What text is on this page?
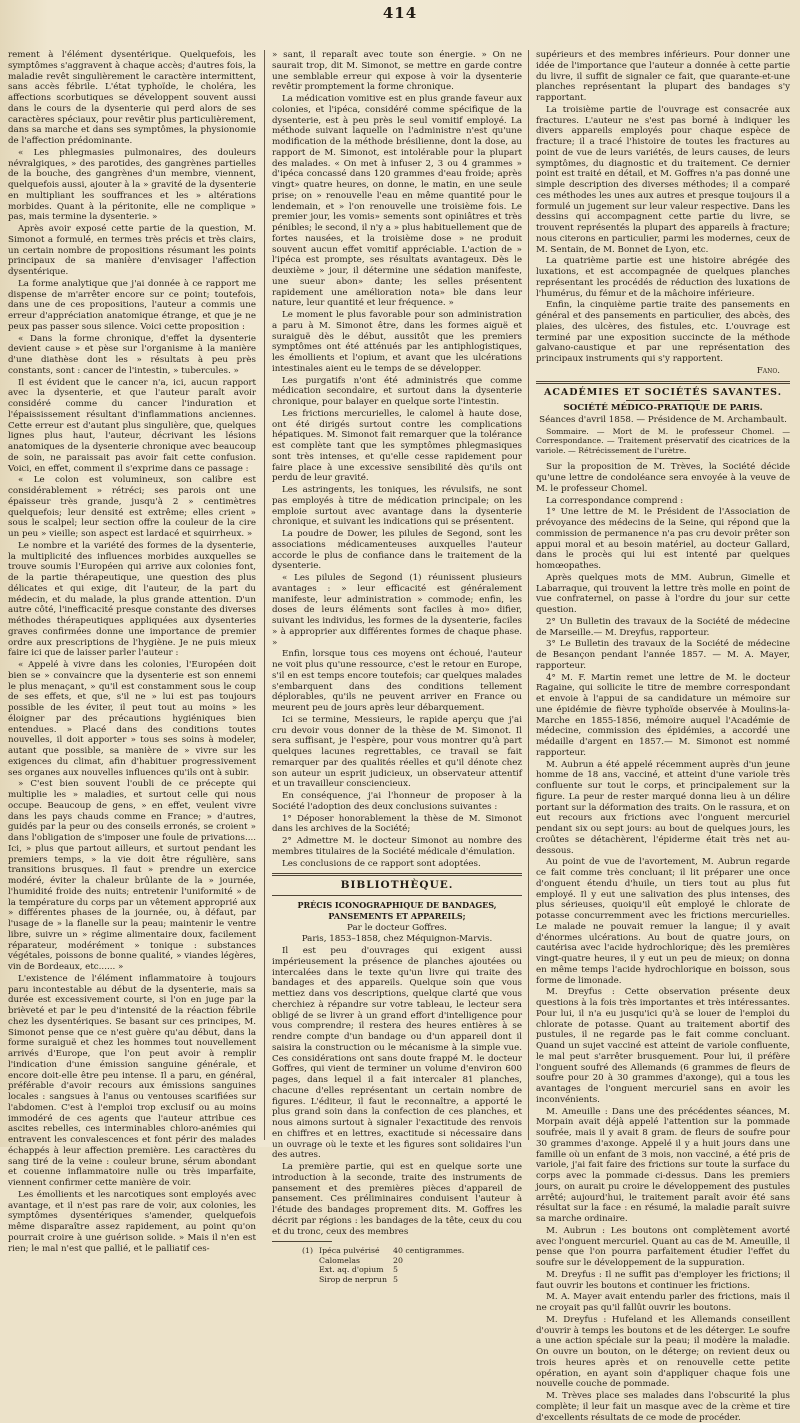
414

rement à l'élément dysentérique. Quelquefois, les symptômes s'aggravent à chaque accès; d'autres fois, la maladie revêt singulièrement le caractère intermittent, sans accès fébrile. L'état typhoïde, le choléra, les affections scorbutiques se développent souvent aussi dans le cours de la dysenterie qui perd alors de ses caractères spéciaux, pour revêtir plus particulièrement, dans sa marche et dans ses symptômes, la physionomie de l'affection prédominante.

« Les phlegmasies pulmonaires, des douleurs névralgiques, » des parotides, des gangrènes partielles de la bouche, des gangrènes d'un membre, viennent, quelquefois aussi, ajouter à la » gravité de la dysenterie en multipliant les souffrances et les » altérations morbides. Quant à la péritonite, elle ne complique » pas, mais termine la dysenterie. »

Après avoir exposé cette partie de la question, M. Simonot a formulé, en termes très précis et très clairs, un certain nombre de propositions résumant les points principaux de sa manière d'envisager l'affection dysentérique.

La forme analytique que j'ai donnée à ce rapport me dispense de m'arrêter encore sur ce point; toutefois, dans une de ces propositions, l'auteur a commis une erreur d'appréciation anatomique étrange, et que je ne peux pas passer sous silence. Voici cette proposition :

« Dans la forme chronique, d'effet la dysenterie devient cause » et pèse sur l'organisme à la manière d'une diathèse dont les » résultats à peu près constants, sont : cancer de l'intestin, » tubercules. »

Il est évident que le cancer n'a, ici, aucun rapport avec la dysenterie, et que l'auteur paraît avoir considéré comme du cancer l'induration et l'épaississement résultant d'inflammations anciennes. Cette erreur est d'autant plus singulière, que, quelques lignes plus haut, l'auteur, décrivant les lésions anatomiques de la dysenterie chronique avec beaucoup de soin, ne paraissait pas avoir fait cette confusion. Voici, en effet, comment il s'exprime dans ce passage :

« Le colon est volumineux, son calibre est considérablement » rétréci; ses parois ont une épaisseur très grande, jusqu'à 2 » centimètres quelquefois; leur densité est extrême; elles crient » sous le scalpel; leur section offre la couleur de la cire un peu » vieille; son aspect est lardacé et squirrheux. »

Le nombre et la variété des formes de la dysenterie, la multiplicité des influences morbides auxquelles se trouve soumis l'Européen qui arrive aux colonies font, de la partie thérapeutique, une question des plus délicates et qui exige, dit l'auteur, de la part du médecin, et du malade, la plus grande attention. D'un autre côté, l'inefficacité presque constante des diverses méthodes thérapeutiques appliquées aux dysenteries graves confirmées donne une importance de premier ordre aux prescriptions de l'hygiène. Je ne puis mieux faire ici que de laisser parler l'auteur :

« Appelé à vivre dans les colonies, l'Européen doit bien se » convaincre que la dysenterie est son ennemi le plus menaçant, » qu'il est constamment sous le coup de ses effets, et que, s'il ne » lui est pas toujours possible de les éviter, il peut tout au moins » les éloigner par des précautions hygiéniques bien entendues. » Placé dans des conditions toutes nouvelles, il doit apporter » tous ses soins à modeler, autant que possible, sa manière de » vivre sur les exigences du climat, afin d'habituer progressivement ses organes aux nouvelles influences qu'ils ont à subir.

» C'est bien souvent l'oubli de ce précepte qui multiplie les » maladies, et surtout celle qui nous occupe. Beaucoup de gens, » en effet, veulent vivre dans les pays chauds comme en France; » d'autres, guidés par la peur ou des conseils erronés, se croient » dans l'obligation de s'imposer une foule de privations.... Ici, » plus que partout ailleurs, et surtout pendant les premiers temps, » la vie doit être régulière, sans transitions brusques. Il faut » prendre un exercice modéré, éviter la chaleur brûlante de la » journée, l'humidité froide des nuits; entretenir l'uniformité » de la température du corps par un vêtement approprié aux » différentes phases de la journée, ou, à défaut, par l'usage de » la flanelle sur la peau; maintenir le ventre libre, suivre un » régime alimentaire doux, facilement réparateur, modérément » tonique : substances végétales, poissons de bonne qualité, » viandes légères, vin de Bordeaux, etc...... »

L'existence de l'élément inflammatoire à toujours paru incontestable au début de la dysenterie, mais sa durée est excessivement courte, si l'on en juge par la brièveté et par le peu d'intensité de la réaction fébrile chez les dysentériques. Se basant sur ces principes, M. Simonot pense que ce n'est guère qu'au début, dans la forme suraiguë et chez les hommes tout nouvellement arrivés d'Europe, que l'on peut avoir à remplir l'indication d'une émission sanguine générale, et encore doit-elle être peu intense. Il a paru, en général, préférable d'avoir recours aux émissions sanguines locales : sangsues à l'anus ou ventouses scarifiées sur l'abdomen. C'est à l'emploi trop exclusif ou au moins immodéré de ces agents que l'auteur attribue ces ascites rebelles, ces interminables chloro-anémies qui entravent les convalescences et font périr des malades échappés à leur affection première. Les caractères du sang tiré de la veine : couleur brune, sérum abondant et couenne inflammatoire nulle ou très imparfaite, viennent confirmer cette manière de voir.

Les émollients et les narcotiques sont employés avec avantage, et il n'est pas rare de voir, aux colonies, les symptômes dysentériques s'amender, quelquefois même disparaître assez rapidement, au point qu'on pourrait croire à une guérison solide. » Mais il n'en est rien; le mal n'est que pallié, et le palliatif ces-

» sant, il reparaît avec toute son énergie. » On ne saurait trop, dit M. Simonot, se mettre en garde contre une semblable erreur qui expose à voir la dysenterie revêtir promptement la forme chronique.

La médication vomitive est en plus grande faveur aux colonies, et l'ipéca, considéré comme spécifique de la dysenterie, est à peu près le seul vomitif employé. La méthode suivant laquelle on l'administre n'est qu'une modification de la méthode brésilienne, dont la dose, au rapport de M. Simonot, est intolérable pour la plupart des malades. « On met à infuser 2, 3 ou 4 grammes » d'ipéca concassé dans 120 grammes d'eau froide; après vingt» quatre heures, on donne, le matin, en une seule prise; on » renouvelle l'eau en même quantité pour le lendemain, et » l'on renouvelle une troisième fois. Le premier jour, les vomis» sements sont opiniâtres et très pénibles; le second, il n'y a » plus habituellement que de fortes nausées, et la troisième dose » ne produit souvent aucun effet vomitif appréciable. L'action de » l'ipéca est prompte, ses résultats avantageux. Dès le deuxième » jour, il détermine une sédation manifeste, une sueur abon» dante; les selles présentent rapidement une amélioration nota» ble dans leur nature, leur quantité et leur fréquence. »

Le moment le plus favorable pour son administration a paru à M. Simonot être, dans les formes aiguë et suraiguë dès le début, aussitôt que les premiers symptômes ont été atténués par les antiphlogistiques, les émollients et l'opium, et avant que les ulcérations intestinales aient eu le temps de se développer.

Les purgatifs n'ont été administrés que comme médication secondaire, et surtout dans la dysenterie chronique, pour balayer en quelque sorte l'intestin.

Les frictions mercurielles, le calomel à haute dose, ont été dirigés surtout contre les complications hépatiques. M. Simonot fait remarquer que la tolérance est complète tant que les symptômes phlegmasiques sont très intenses, et qu'elle cesse rapidement pour faire place à une excessive sensibilité dès qu'ils ont perdu de leur gravité.

Les astringents, les toniques, les révulsifs, ne sont pas employés à titre de médication principale; on les emploie surtout avec avantage dans la dysenterie chronique, et suivant les indications qui se présentent.

La poudre de Dower, les pilules de Segond, sont les associations médicamenteuses auxquelles l'auteur accorde le plus de confiance dans le traitement de la dysenterie.

« Les pilules de Segond (1) réunissent plusieurs avantages : » leur efficacité est généralement manifeste, leur administration » commode; enfin, les doses de leurs éléments sont faciles à mo» difier, suivant les individus, les formes de la dysenterie, faciles » à approprier aux différentes formes de chaque phase. »

Enfin, lorsque tous ces moyens ont échoué, l'auteur ne voit plus qu'une ressource, c'est le retour en Europe, s'il en est temps encore toutefois; car quelques malades s'embarquent dans des conditions tellement déplorables, qu'ils ne peuvent arriver en France ou meurent peu de jours après leur débarquement.

Ici se termine, Messieurs, le rapide aperçu que j'ai cru devoir vous donner de la thèse de M. Simonot. Il sera suffisant, je l'espère, pour vous montrer qu'à part quelques lacunes regrettables, ce travail se fait remarquer par des qualités réelles et qu'il dénote chez son auteur un esprit judicieux, un observateur attentif et un travailleur consciencieux.

En conséquence, j'ai l'honneur de proposer à la Société l'adoption des deux conclusions suivantes :

1° Déposer honorablement la thèse de M. Simonot dans les archives de la Société;

2° Admettre M. le docteur Simonot au nombre des membres titulaires de la Société médicale d'émulation.

Les conclusions de ce rapport sont adoptées.

BIBLIOTHÈQUE.
PRÉCIS ICONOGRAPHIQUE DE BANDAGES, PANSEMENTS ET APPAREILS;
Par le docteur Goffres.
Paris, 1853–1858, chez Méquignon-Marvis.

Il est peu d'ouvrages qui exigent aussi impérieusement la présence de planches ajoutées ou intercalées dans le texte qu'un livre qui traite des bandages et des appareils. Quelque soin que vous mettiez dans vos descriptions, quelque clarté que vous cherchiez à répandre sur votre tableau, le lecteur sera obligé de se livrer à un grand effort d'intelligence pour vous comprendre; il restera des heures entières à se rendre compte d'un bandage ou d'un appareil dont il saisira la construction ou le mécanisme à la simple vue. Ces considérations ont sans doute frappé M. le docteur Goffres, qui vient de terminer un volume d'environ 600 pages, dans lequel il a fait intercaler 81 planches, chacune d'elles représentant un certain nombre de figures. L'éditeur, il faut le reconnaître, a apporté le plus grand soin dans la confection de ces planches, et nous aimons surtout à signaler l'exactitude des renvois en chiffres et en lettres, exactitude si nécessaire dans un ouvrage où le texte et les figures sont solidaires l'un des autres.

La première partie, qui est en quelque sorte une introduction à la seconde, traite des instruments de pansement et des premières pièces d'appareil de pansement. Ces préliminaires conduisent l'auteur à l'étude des bandages proprement dits. M. Goffres les décrit par régions : les bandages de la tête, ceux du cou et du tronc, ceux des membres

(1)	Ipéca pulvérisé	40 centigrammes.
	Calomelas	20
	Ext. aq. d'opium	5
	Sirop de nerprun	5

supérieurs et des membres inférieurs. Pour donner une idée de l'importance que l'auteur a donnée à cette partie du livre, il suffit de signaler ce fait, que quarante-et-une planches représentant la plupart des bandages s'y rapportant.

La troisième partie de l'ouvrage est consacrée aux fractures. L'auteur ne s'est pas borné à indiquer les divers appareils employés pour chaque espèce de fracture; il a tracé l'histoire de toutes les fractures au point de vue de leurs variétés, de leurs causes, de leurs symptômes, du diagnostic et du traitement. Ce dernier point est traité en détail, et M. Goffres n'a pas donné une simple description des diverses méthodes; il a comparé ces méthodes les unes aux autres et presque toujours il a formulé un jugement sur leur valeur respective. Dans les dessins qui accompagnent cette partie du livre, se trouvent représentés la plupart des appareils à fracture; nous citerons en particulier, parmi les modernes, ceux de M. Sentain, de M. Bonnet de Lyon, etc.

La quatrième partie est une histoire abrégée des luxations, et est accompagnée de quelques planches représentant les procédés de réduction des luxations de l'humérus, du fémur et de la mâchoire inférieure.

Enfin, la cinquième partie traite des pansements en général et des pansements en particulier, des abcès, des plaies, des ulcères, des fistules, etc. L'ouvrage est terminé par une exposition succincte de la méthode galvano-caustique et par une représentation des principaux instruments qui s'y rapportent.

Fano.
ACADÉMIES ET SOCIÉTÉS SAVANTES.
SOCIÉTÉ MÉDICO-PRATIQUE DE PARIS.
Séances d'avril 1858. — Présidence de M. Archambault.

Sommaire. — Mort de M. le professeur Chomel. — Correspondance. — Traitement préservatif des cicatrices de la variole. — Rétrécissement de l'urètre.

Sur la proposition de M. Trèves, la Société décide qu'une lettre de condoléance sera envoyée à la veuve de M. le professeur Chomel.

La correspondance comprend :

1° Une lettre de M. le Président de l'Association de prévoyance des médecins de la Seine, qui répond que la commission de permanence n'a pas cru devoir prêter son appui moral et au besoin matériel, au docteur Gallard, dans le procès qui lui est intenté par quelques homœopathes.

Après quelques mots de MM. Aubrun, Gimelle et Labarraque, qui trouvent la lettre très molle en point de vue confraternel, on passe à l'ordre du jour sur cette question.

2° Un Bulletin des travaux de la Société de médecine de Marseille.— M. Dreyfus, rapporteur.

3° Le Bulletin des travaux de la Société de médecine de Besançon pendant l'année 1857. — M. A. Mayer, rapporteur.

4° M. F. Martin remet une lettre de M. le docteur Ragaine, qui sollicite le titre de membre correspondant et envoie à l'appui de sa candidature un mémoire sur une épidémie de fièvre typhoïde observée à Moulins-la-Marche en 1855-1856, mémoire auquel l'Académie de médecine, commission des épidémies, a accordé une médaille d'argent en 1857.— M. Simonot est nommé rapporteur.

M. Aubrun a été appelé récemment auprès d'un jeune homme de 18 ans, vacciné, et atteint d'une variole très confluente sur tout le corps, et principalement sur la figure. La peur de rester marqué donna lieu à un délire portant sur la déformation des traits. On le rassura, et on eut recours aux frictions avec l'onguent mercuriel pendant six ou sept jours: au bout de quelques jours, les croûtes se détachèrent, l'épiderme était très net au-dessous.

Au point de vue de l'avortement, M. Aubrun regarde ce fait comme très concluant; il lit préparer une once d'onguent étendu d'huile, un tiers tout au plus fut employé. Il y eut une salivation des plus intenses, des plus sérieuses, quoiqu'il eût employé le chlorate de potasse concurremment avec les frictions mercurielles. Le malade ne pouvait remuer la langue; il y avait d'énormes ulcérations. Au bout de quatre jours, on cautérisa avec l'acide hydrochlorique; dès les premières vingt-quatre heures, il y eut un peu de mieux; on donna en même temps l'acide hydrochlorique en boisson, sous forme de limonade.

M. Dreyfus : Cette observation présente deux questions à la fois très importantes et très intéressantes. Pour lui, il n'a eu jusqu'ici qu'à se louer de l'emploi du chlorate de potasse. Quant au traitement abortif des pustules, il ne regarde pas le fait comme concluant. Quand un sujet vacciné est atteint de variole confluente, le mal peut s'arrêter brusquement. Pour lui, il préfère l'onguent soufré des Allemands (6 grammes de fleurs de soufre pour 20 à 30 grammes d'axonge), qui a tous les avantages de l'onguent mercuriel sans en avoir les inconvénients.

M. Ameuille : Dans une des précédentes séances, M. Morpain avait déjà appelé l'attention sur la pommade soufrée, mais il y avait 8 gram. de fleurs de soufre pour 30 grammes d'axonge. Appelé il y a huit jours dans une famille où un enfant de 3 mois, non vacciné, a été pris de variole, j'ai fait faire des frictions sur toute la surface du corps avec la pommade ci-dessus. Dans les premiers jours, on aurait pu croire le développement des pustules arrêté; aujourd'hui, le traitement paraît avoir été sans résultat sur la face : en résumé, la maladie paraît suivre sa marche ordinaire.

M. Aubrun : Les boutons ont complètement avorté avec l'onguent mercuriel. Quant au cas de M. Ameuille, il pense que l'on pourra parfaitement étudier l'effet du soufre sur le développement de la suppuration.

M. Dreyfus : Il ne suffit pas d'employer les frictions; il faut ouvrir les boutons et continuer les frictions.

M. A. Mayer avait entendu parler des frictions, mais il ne croyait pas qu'il fallût ouvrir les boutons.

M. Dreyfus : Hufeland et les Allemands conseillent d'ouvrir à temps les boutons et de les déterger. Le soufre a une action spéciale sur la peau; il modère la maladie. On ouvre un bouton, on le déterge; on revient deux ou trois heures après et on renouvelle cette petite opération, en ayant soin d'appliquer chaque fois une nouvelle couche de pommade.

M. Trèves place ses malades dans l'obscurité la plus complète; il leur fait un masque avec de la crème et tire d'excellents résultats de ce mode de procéder.
